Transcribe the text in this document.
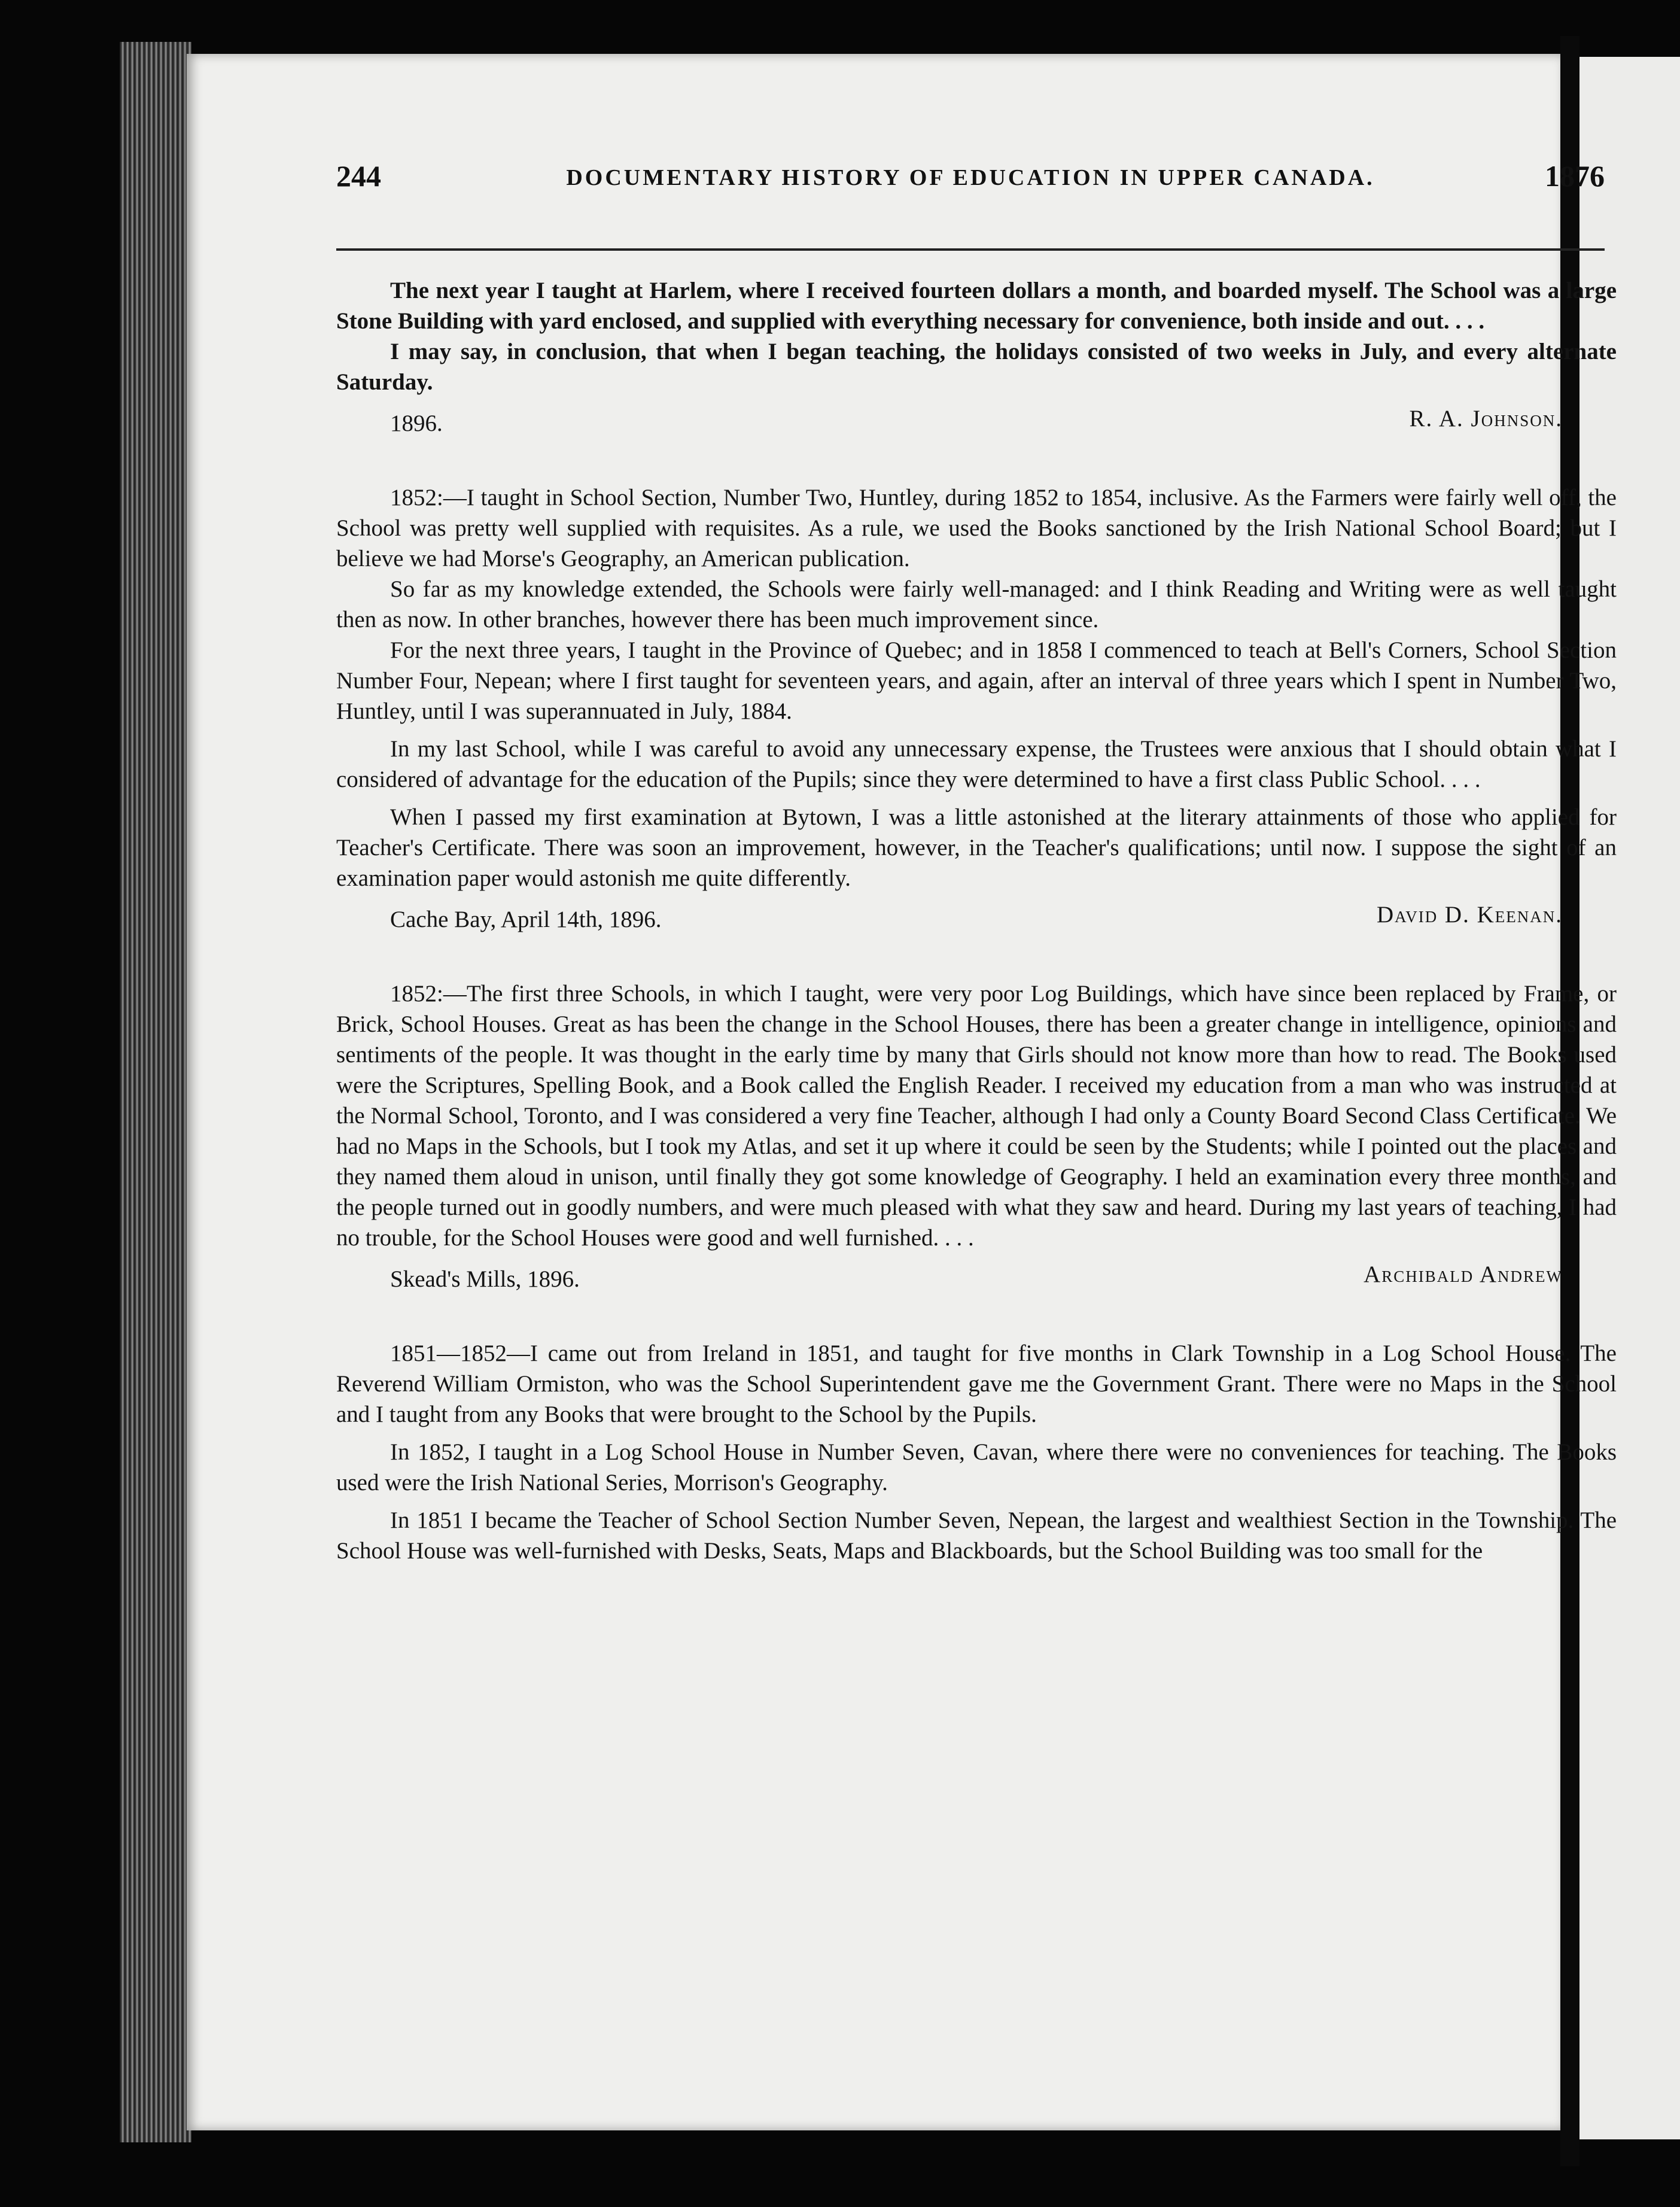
244	DOCUMENTARY HISTORY OF EDUCATION IN UPPER CANADA.	1876

The next year I taught at Harlem, where I received fourteen dollars a month, and boarded myself. The School was a large Stone Building with yard enclosed, and supplied with everything necessary for convenience, both inside and out. . . .

I may say, in conclusion, that when I began teaching, the holidays consisted of two weeks in July, and every alternate Saturday.

1896.	R. A. Johnson.

1852:—I taught in School Section, Number Two, Huntley, during 1852 to 1854, inclusive. As the Farmers were fairly well off, the School was pretty well supplied with requisites. As a rule, we used the Books sanctioned by the Irish National School Board; but I believe we had Morse's Geography, an American publication.

So far as my knowledge extended, the Schools were fairly well-managed: and I think Reading and Writing were as well taught then as now. In other branches, however there has been much improvement since.

For the next three years, I taught in the Province of Quebec; and in 1858 I commenced to teach at Bell's Corners, School Section Number Four, Nepean; where I first taught for seventeen years, and again, after an interval of three years which I spent in Number Two, Huntley, until I was superannuated in July, 1884.

In my last School, while I was careful to avoid any unnecessary expense, the Trustees were anxious that I should obtain what I considered of advantage for the education of the Pupils; since they were determined to have a first class Public School. . . .

When I passed my first examination at Bytown, I was a little astonished at the literary attainments of those who applied for Teacher's Certificate. There was soon an improvement, however, in the Teacher's qualifications; until now. I suppose the sight of an examination paper would astonish me quite differently.

Cache Bay, April 14th, 1896.	David D. Keenan.

1852:—The first three Schools, in which I taught, were very poor Log Buildings, which have since been replaced by Frame, or Brick, School Houses. Great as has been the change in the School Houses, there has been a greater change in intelligence, opinions and sentiments of the people. It was thought in the early time by many that Girls should not know more than how to read. The Books used were the Scriptures, Spelling Book, and a Book called the English Reader. I received my education from a man who was instructed at the Normal School, Toronto, and I was considered a very fine Teacher, although I had only a County Board Second Class Certificate. We had no Maps in the Schools, but I took my Atlas, and set it up where it could be seen by the Students; while I pointed out the places and they named them aloud in unison, until finally they got some knowledge of Geography. I held an examination every three months, and the people turned out in goodly numbers, and were much pleased with what they saw and heard. During my last years of teaching, I had no trouble, for the School Houses were good and well furnished. . . .

Skead's Mills, 1896.	Archibald Andrew

1851—1852—I came out from Ireland in 1851, and taught for five months in Clark Township in a Log School House. The Reverend William Ormiston, who was the School Superintendent gave me the Government Grant. There were no Maps in the School and I taught from any Books that were brought to the School by the Pupils.

In 1852, I taught in a Log School House in Number Seven, Cavan, where there were no conveniences for teaching. The Books used were the Irish National Series, Morrison's Geography.

In 1851 I became the Teacher of School Section Number Seven, Nepean, the largest and wealthiest Section in the Township. The School House was well-furnished with Desks, Seats, Maps and Blackboards, but the School Building was too small for the
